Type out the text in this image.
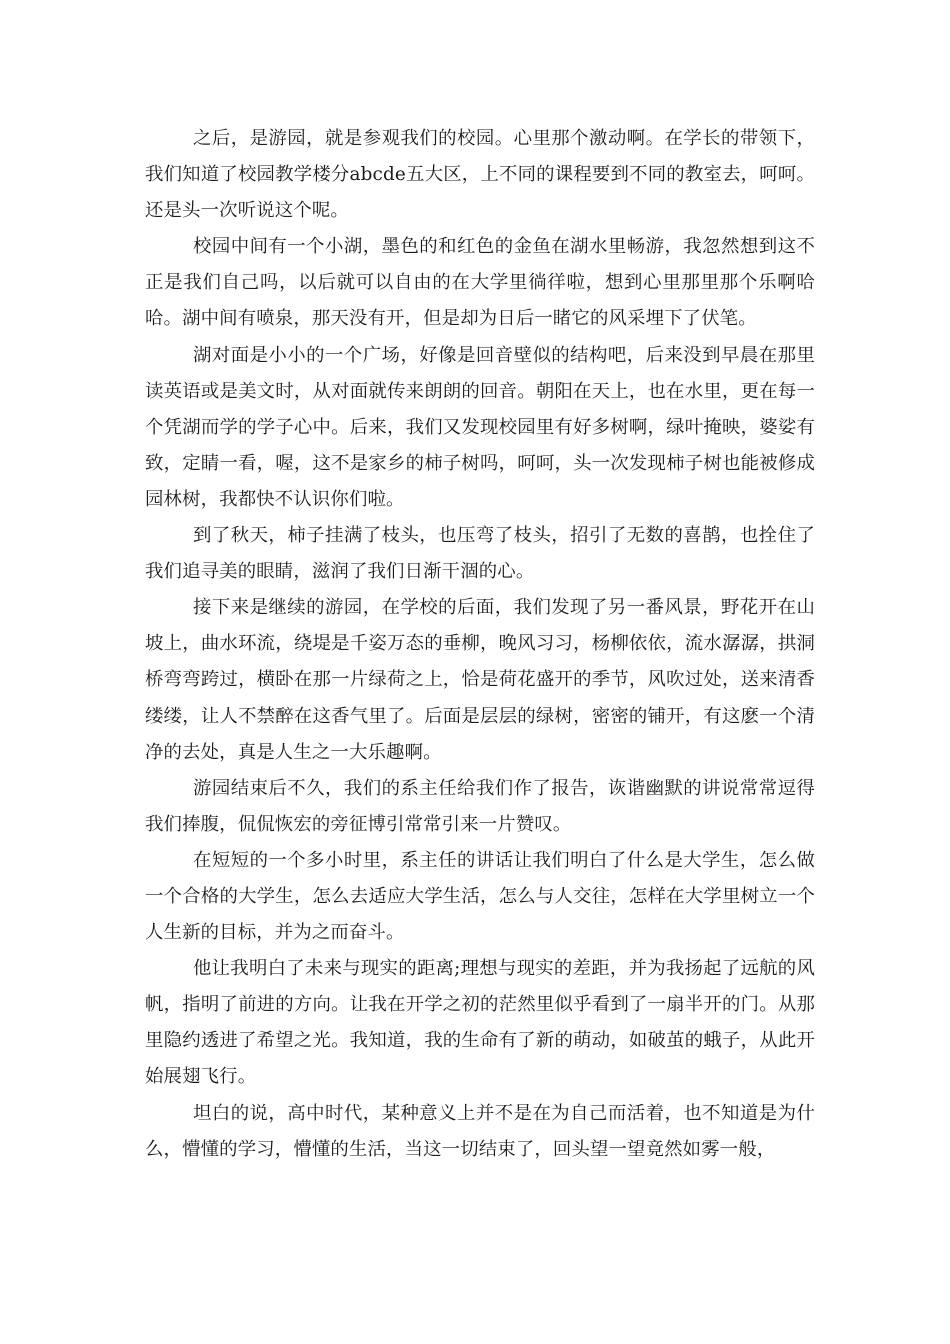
之后，是游园，就是参观我们的校园。心里那个激动啊。在学长的带领下，我们知道了校园教学楼分abcde五大区，上不同的课程要到不同的教室去，呵呵。还是头一次听说这个呢。

校园中间有一个小湖，墨色的和红色的金鱼在湖水里畅游，我忽然想到这不正是我们自己吗，以后就可以自由的在大学里徜徉啦，想到心里那里那个乐啊哈哈。湖中间有喷泉，那天没有开，但是却为日后一睹它的风采埋下了伏笔。

湖对面是小小的一个广场，好像是回音壁似的结构吧，后来没到早晨在那里读英语或是美文时，从对面就传来朗朗的回音。朝阳在天上，也在水里，更在每一个凭湖而学的学子心中。后来，我们又发现校园里有好多树啊，绿叶掩映，婆娑有致，定睛一看，喔，这不是家乡的柿子树吗，呵呵，头一次发现柿子树也能被修成园林树，我都快不认识你们啦。

到了秋天，柿子挂满了枝头，也压弯了枝头，招引了无数的喜鹊，也拴住了我们追寻美的眼睛，滋润了我们日渐干涸的心。

接下来是继续的游园，在学校的后面，我们发现了另一番风景，野花开在山坡上，曲水环流，绕堤是千姿万态的垂柳，晚风习习，杨柳依依，流水潺潺，拱洞桥弯弯跨过，横卧在那一片绿荷之上，恰是荷花盛开的季节，风吹过处，送来清香缕缕，让人不禁醉在这香气里了。后面是层层的绿树，密密的铺开，有这麽一个清净的去处，真是人生之一大乐趣啊。

游园结束后不久，我们的系主任给我们作了报告，诙谐幽默的讲说常常逗得我们捧腹，侃侃恢宏的旁征博引常常引来一片赞叹。

在短短的一个多小时里，系主任的讲话让我们明白了什么是大学生，怎么做一个合格的大学生，怎么去适应大学生活，怎么与人交往，怎样在大学里树立一个人生新的目标，并为之而奋斗。

他让我明白了未来与现实的距离;理想与现实的差距，并为我扬起了远航的风帆，指明了前进的方向。让我在开学之初的茫然里似乎看到了一扇半开的门。从那里隐约透进了希望之光。我知道，我的生命有了新的萌动，如破茧的蛾子，从此开始展翅飞行。

坦白的说，高中时代，某种意义上并不是在为自己而活着，也不知道是为什么，懵懂的学习，懵懂的生活，当这一切结束了，回头望一望竟然如雾一般，
